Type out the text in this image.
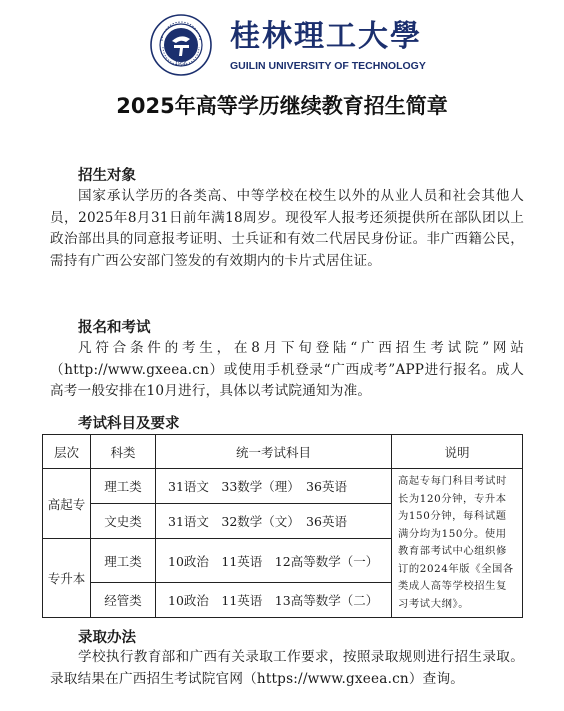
1956
桂林理工大學
GUILIN UNIVERSITY OF TECHNOLOGY
2025年高等学历继续教育招生简章
招生对象

国家承认学历的各类高、中等学校在校生以外的从业人员和社会其他人员，2025年8月31日前年满18周岁。现役军人报考还须提供所在部队团以上政治部出具的同意报考证明、士兵证和有效二代居民身份证。非广西籍公民，需持有广西公安部门签发的有效期内的卡片式居住证。

报名和考试

凡符合条件的考生，在8月下旬登陆“广西招生考试院”网站（http://www.gxeea.cn）或使用手机登录“广西成考”APP进行报名。成人高考一般安排在10月进行，具体以考试院通知为准。

考试科目及要求
层次	科类	统一考试科目	说明
高起专	理工类	31语文　33数学（理）　36英语	高起专每门科目考试时长为120分钟，专升本为150分钟，每科试题满分均为150分。使用教育部考试中心组织修订的2024年版《全国各类成人高等学校招生复习考试大纲》。
	文史类	31语文　32数学（文）　36英语	
专升本	理工类	10政治　11英语　12高等数学（一）	
	经管类	10政治　11英语　13高等数学（二）	
录取办法

学校执行教育部和广西有关录取工作要求，按照录取规则进行招生录取。录取结果在广西招生考试院官网（https://www.gxeea.cn）查询。
